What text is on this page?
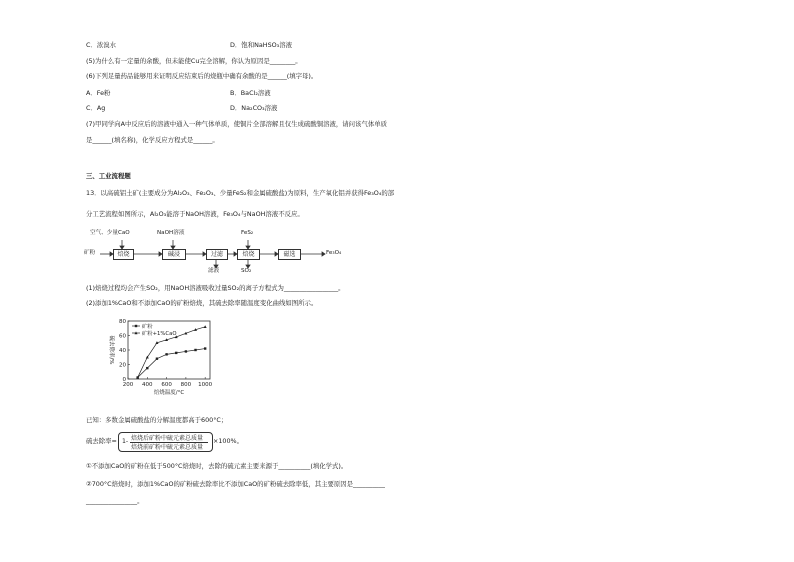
C．浓溴水	D．饱和NaHSO₃溶液
(5)为什么有一定量的余酸，但未能使Cu完全溶解，你认为原因是________。
(6)下列足量药品能够用来证明反应结束后的烧瓶中确有余酸的是______(填字母)。
A．Fe粉	B．BaCl₂溶液
C．Ag	D．Na₂CO₃溶液
(7)甲同学向A中反应后的溶液中通入一种气体单质，使铜片全部溶解且仅生成硫酸铜溶液，请问该气体单质
是______(填名称)，化学反应方程式是______。
三、工业流程题
13．以高硫铝土矿(主要成分为Al₂O₃、Fe₂O₃、少量FeS₂和金属硫酸盐)为原料，生产氧化铝并获得Fe₃O₄的部
分工艺流程如图所示，Al₂O₃能溶于NaOH溶液，Fe₃O₄与NaOH溶液不反应。
空气、少量CaO	NaOH溶液	FeS₂
矿粉	焙烧	碱浸	过滤	焙烧	磁选	Fe₃O₄
滤液	SO₂
(1)焙烧过程均会产生SO₂，用NaOH溶液吸收过量SO₂的离子方程式为_________________。
(2)添加1%CaO和不添加CaO的矿粉焙烧，其硫去除率随温度变化曲线如图所示。
0
20
40
60
80
200 400 600 800 1000
焙烧温度/°C
硫去除率/%
矿粉
矿粉+1%CaO
已知：多数金属硫酸盐的分解温度都高于600°C；
硫去除率= 1- 焙烧后矿粉中硫元素总质量
焙烧前矿粉中硫元素总质量
×100%。
①不添加CaO的矿粉在低于500°C焙烧时，去除的硫元素主要来源于__________(填化学式)。
②700°C焙烧时，添加1%CaO的矿粉硫去除率比不添加CaO的矿粉硫去除率低，其主要原因是__________
________________。
